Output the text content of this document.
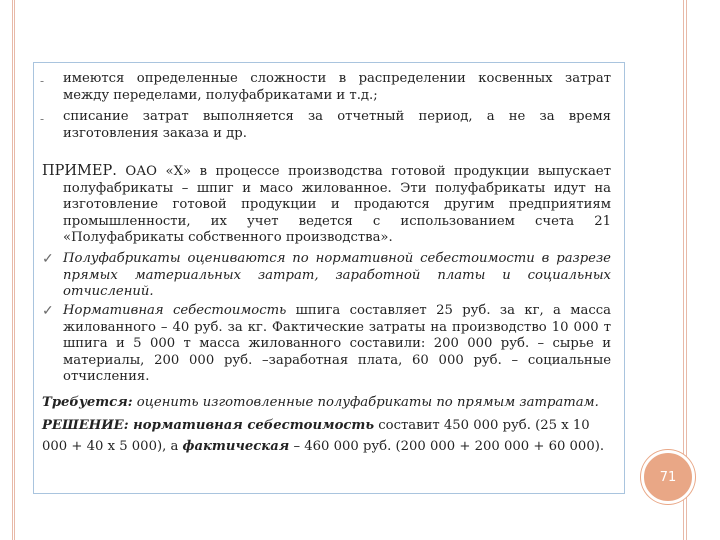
- имеются определенные сложности в распределении косвенных затрат между переделами, полуфабрикатами и т.д.;
- списание затрат выполняется за отчетный период, а не за время изготовления заказа и др.
ПРИМЕР. ОАО «Х» в процессе производства готовой продукции выпускает полуфабрикаты – шпиг и масо жилованное. Эти полуфабрикаты идут на изготовление готовой продукции и продаются другим предприятиям промышленности, их учет ведется с использованием счета 21 «Полуфабрикаты собственного производства».
✓ Полуфабрикаты оцениваются по нормативной себестоимости в разрезе прямых материальных затрат, заработной платы и социальных отчислений.
✓ Нормативная себестоимость шпига составляет 25 руб. за кг, а масса жилованного – 40 руб. за кг. Фактические затраты на производство 10 000 т шпига и 5 000 т масса жилованного составили: 200 000 руб. – сырье и материалы, 200 000 руб. –заработная плата, 60 000 руб. – социальные отчисления.
Требуется: оценить изготовленные полуфабрикаты по прямым затратам.
РЕШЕНИЕ: нормативная себестоимость составит 450 000 руб. (25 х 10 000 + 40 х 5 000), а фактическая – 460 000 руб. (200 000 + 200 000 + 60 000).
71
